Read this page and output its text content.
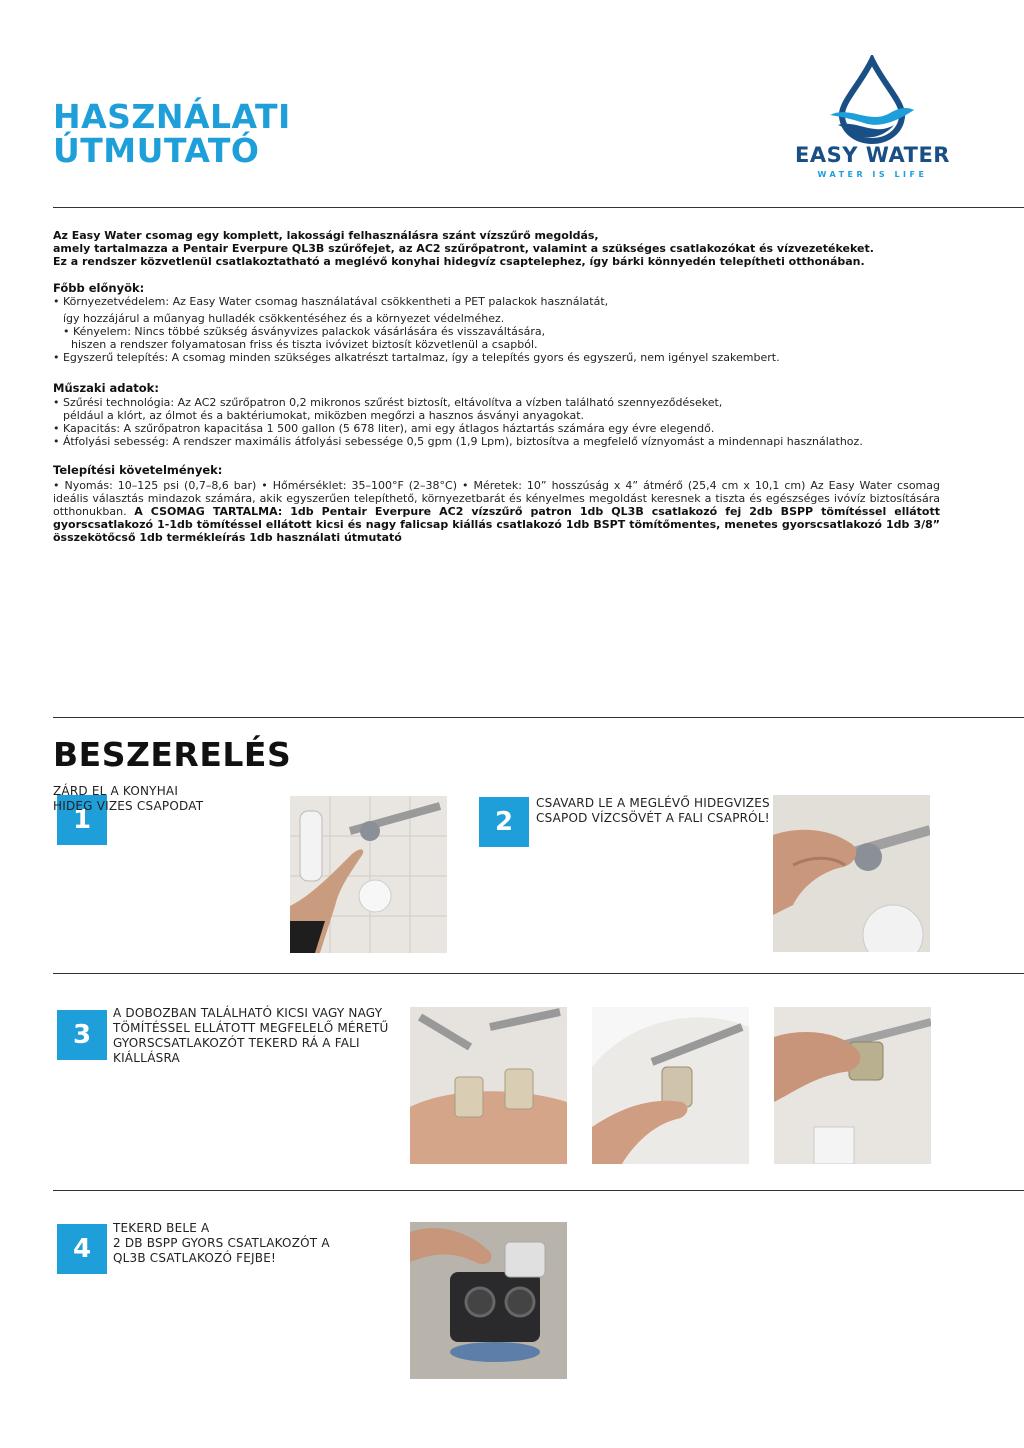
HASZNÁLATI
ÚTMUTATÓ	EASY WATER
WATER IS LIFE
Az Easy Water csomag egy komplett, lakossági felhasználásra szánt vízszűrő megoldás,
amely tartalmazza a Pentair Everpure QL3B szűrőfejet, az AC2 szűrőpatront, valamint a szükséges csatlakozókat és vízvezetékeket.
Ez a rendszer közvetlenül csatlakoztatható a meglévő konyhai hidegvíz csaptelephez, így bárki könnyedén telepítheti otthonában.
Főbb előnyök:
• Környezetvédelem: Az Easy Water csomag használatával csökkentheti a PET palackok használatát,
így hozzájárul a műanyag hulladék csökkentéséhez és a környezet védelméhez.
• Kényelem: Nincs többé szükség ásványvizes palackok vásárlására és visszaváltására,
hiszen a rendszer folyamatosan friss és tiszta ivóvizet biztosít közvetlenül a csapból.
• Egyszerű telepítés: A csomag minden szükséges alkatrészt tartalmaz, így a telepítés gyors és egyszerű, nem igényel szakembert.
Műszaki adatok:
• Szűrési technológia: Az AC2 szűrőpatron 0,2 mikronos szűrést biztosít, eltávolítva a vízben található szennyeződéseket,
például a klórt, az ólmot és a baktériumokat, miközben megőrzi a hasznos ásványi anyagokat.
• Kapacitás: A szűrőpatron kapacitása 1 500 gallon (5 678 liter), ami egy átlagos háztartás számára egy évre elegendő.
• Átfolyási sebesség: A rendszer maximális átfolyási sebessége 0,5 gpm (1,9 Lpm), biztosítva a megfelelő víznyomást a mindennapi használathoz.
Telepítési követelmények:
• Nyomás: 10–125 psi (0,7–8,6 bar) • Hőmérséklet: 35–100°F (2–38°C) • Méretek: 10” hosszúság x 4” átmérő (25,4 cm x 10,1 cm) Az Easy Water csomag ideális választás mindazok számára, akik egyszerűen telepíthető, környezetbarát és kényelmes megoldást keresnek a tiszta és egészséges ivóvíz biztosítására otthonukban. A CSOMAG TARTALMA: 1db Pentair Everpure AC2 vízszűrő patron 1db QL3B csatlakozó fej 2db BSPP tömítéssel ellátott gyorscsatlakozó 1-1db tömítéssel ellátott kicsi és nagy falicsap kiállás csatlakozó 1db BSPT tömítőmentes, menetes gyorscsatlakozó 1db 3/8” összekötőcső 1db termékleírás 1db használati útmutató
BESZERELÉS
1
ZÁRD EL A KONYHAI
HIDEG VIZES CSAPODAT
2
CSAVARD LE A MEGLÉVŐ HIDEGVIZES
CSAPOD VÍZCSÖVÉT A FALI CSAPRÓL!
3
A DOBOZBAN TALÁLHATÓ KICSI VAGY NAGY
TÖMÍTÉSSEL ELLÁTOTT MEGFELELŐ MÉRETŰ
GYORSCSATLAKOZÓT TEKERD RÁ A FALI
KIÁLLÁSRA
4
TEKERD BELE A
2 DB BSPP GYORS CSATLAKOZÓT A
QL3B CSATLAKOZÓ FEJBE!
